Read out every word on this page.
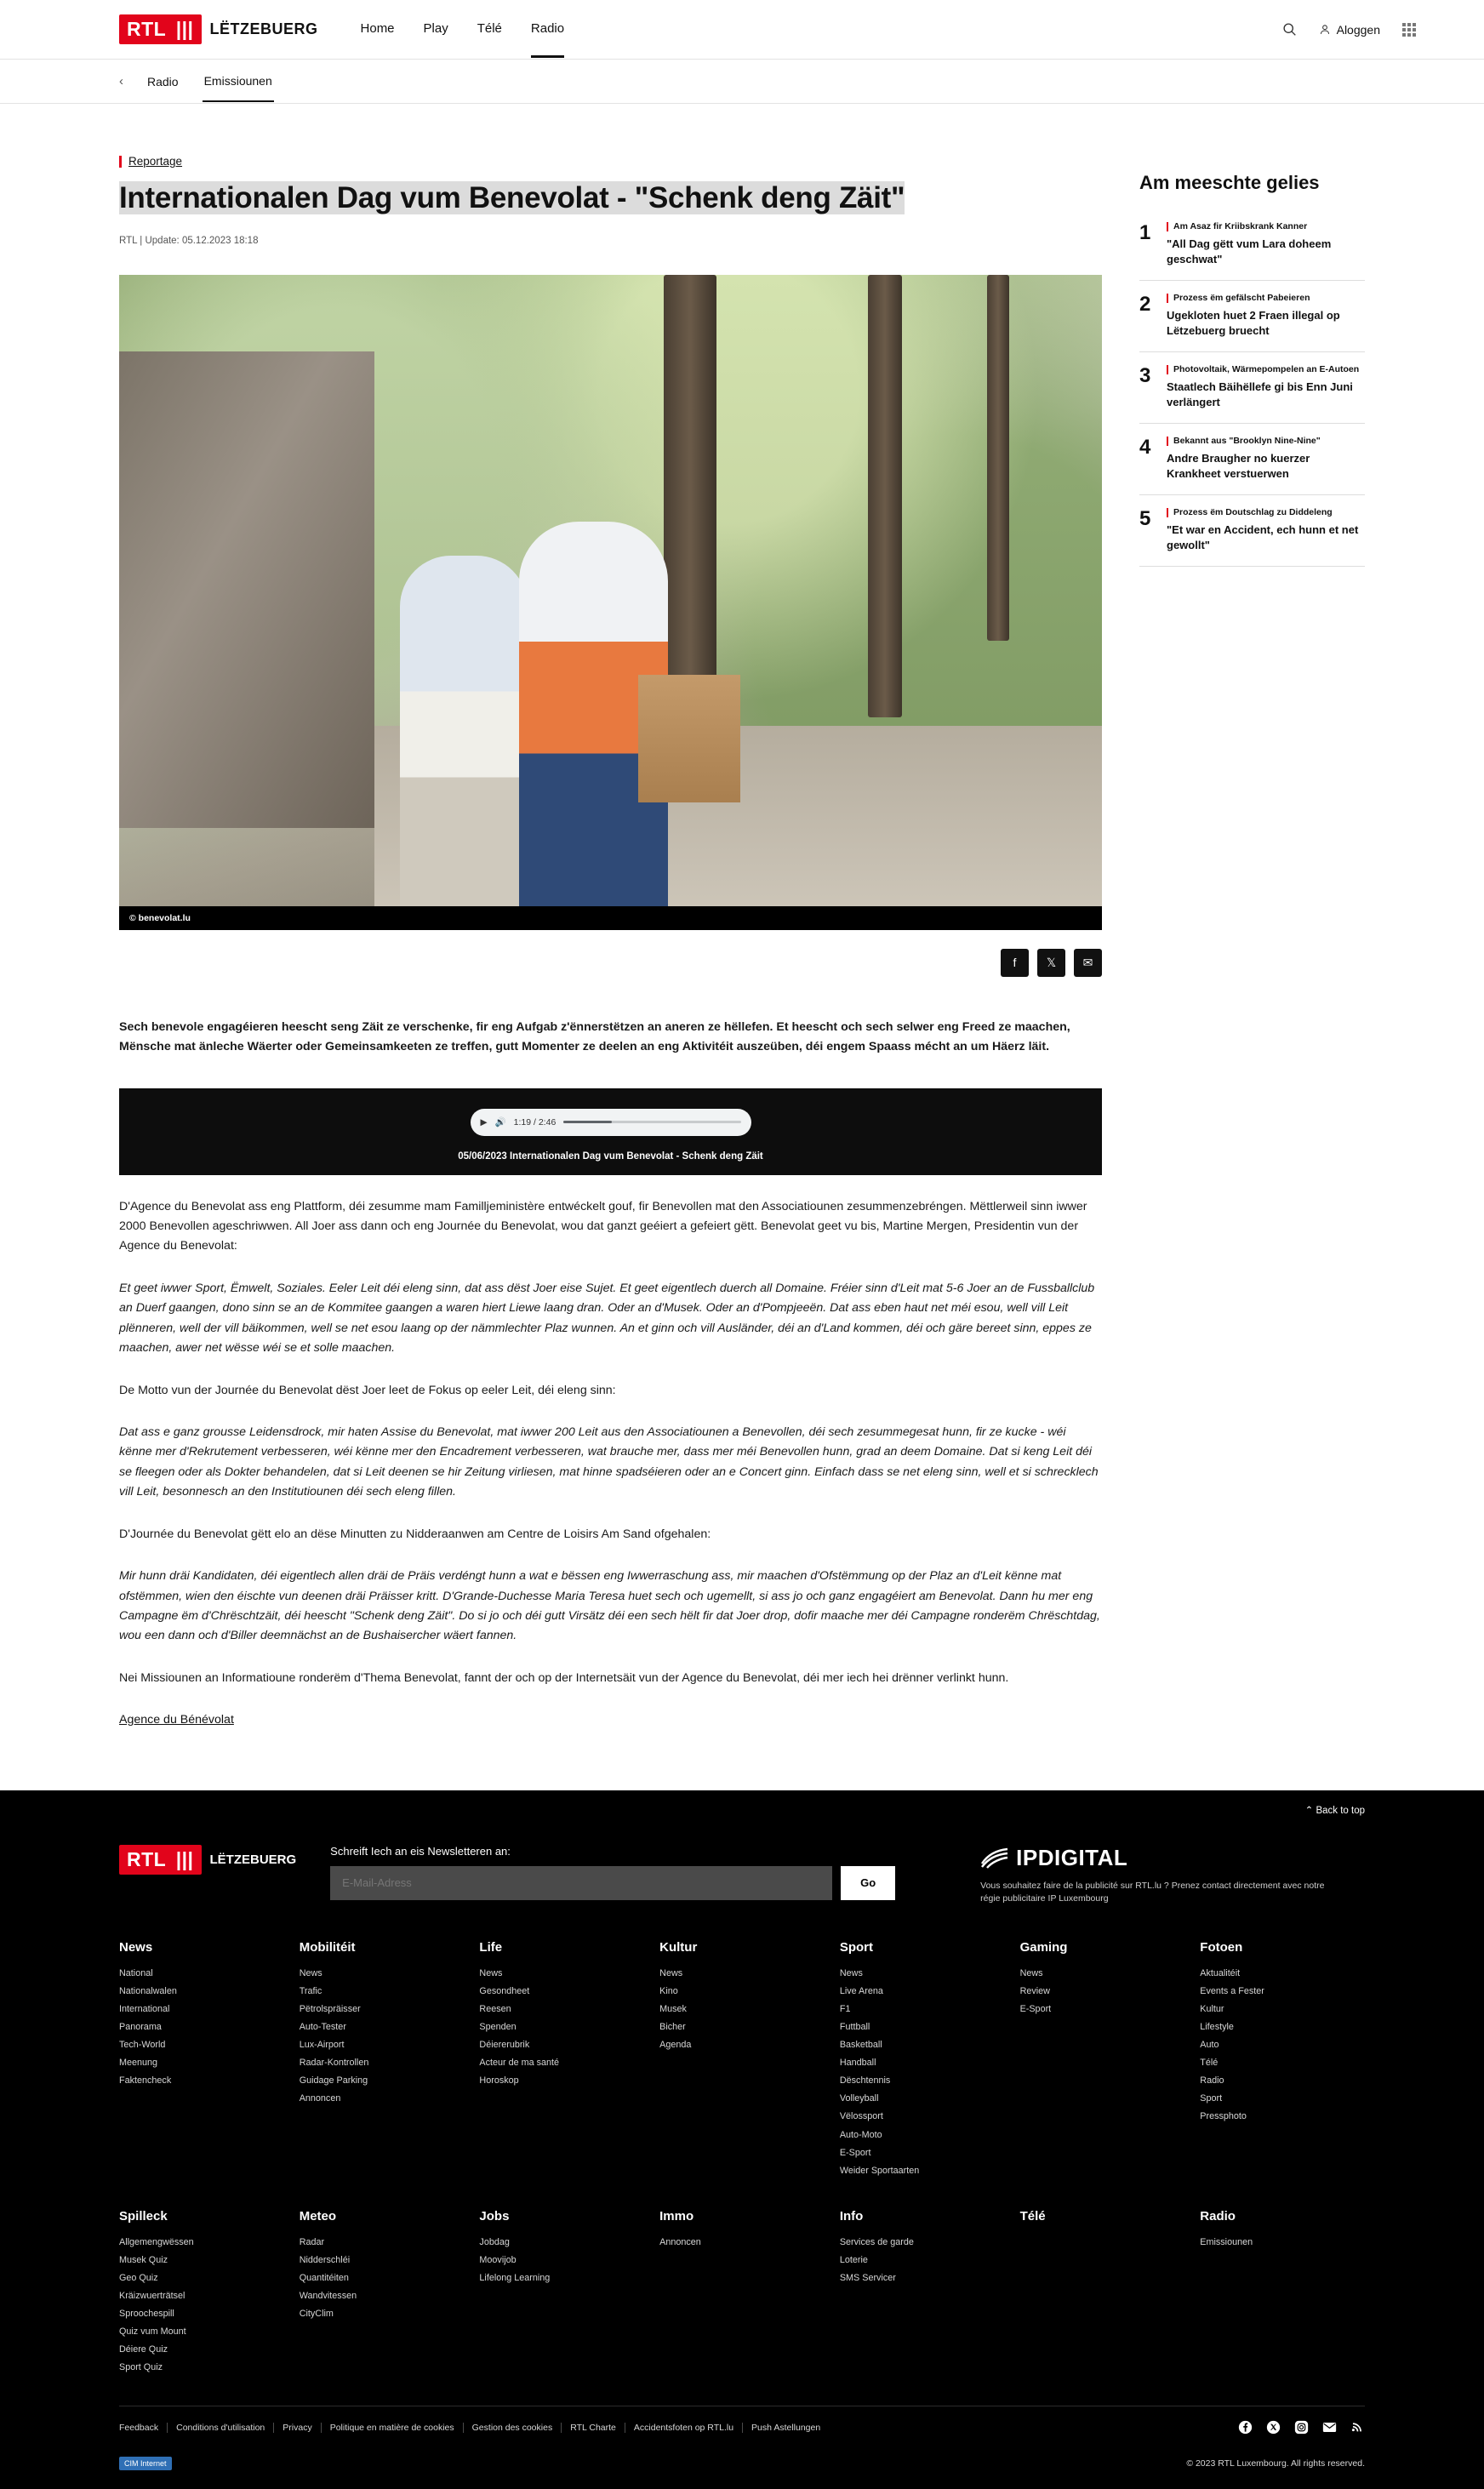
RTL |||	LËTZEBUERG	Home Play Télé Radio	Aloggen
‹ Radio Emissiounen
Reportage
Internationalen Dag vum Benevolat - "Schenk deng Zäit"
RTL | Update: 05.12.2023 18:18
© benevolat.lu
f	𝕏	✉

Sech benevole engagéieren heescht seng Zäit ze verschenke, fir eng Aufgab z'ënnerstëtzen an aneren ze hëllefen. Et heescht och sech selwer eng Freed ze maachen, Mënsche mat änleche Wäerter oder Gemeinsamkeeten ze treffen, gutt Momenter ze deelen an eng Aktivitéit auszeüben, déi engem Spaass mécht an um Häerz läit.

▶ 🔊 1:19 / 2:46
05/06/2023 Internationalen Dag vum Benevolat - Schenk deng Zäit

D'Agence du Benevolat ass eng Plattform, déi zesumme mam Familljeministère entwéckelt gouf, fir Benevollen mat den Associatiounen zesummenzebréngen. Mëttlerweil sinn iwwer 2000 Benevollen ageschriwwen. All Joer ass dann och eng Journée du Benevolat, wou dat ganzt geéiert a gefeiert gëtt. Benevolat geet vu bis, Martine Mergen, Presidentin vun der Agence du Benevolat:

Et geet iwwer Sport, Ëmwelt, Soziales. Eeler Leit déi eleng sinn, dat ass dëst Joer eise Sujet. Et geet eigentlech duerch all Domaine. Fréier sinn d'Leit mat 5-6 Joer an de Fussballclub an Duerf gaangen, dono sinn se an de Kommitee gaangen a waren hiert Liewe laang dran. Oder an d'Musek. Oder an d'Pompjeeën. Dat ass eben haut net méi esou, well vill Leit plënneren, well der vill bäikommen, well se net esou laang op der nämmlechter Plaz wunnen. An et ginn och vill Ausländer, déi an d'Land kommen, déi och gäre bereet sinn, eppes ze maachen, awer net wësse wéi se et solle maachen.

De Motto vun der Journée du Benevolat dëst Joer leet de Fokus op eeler Leit, déi eleng sinn:

Dat ass e ganz grousse Leidensdrock, mir haten Assise du Benevolat, mat iwwer 200 Leit aus den Associatiounen a Benevollen, déi sech zesummegesat hunn, fir ze kucke - wéi kënne mer d'Rekrutement verbesseren, wéi kënne mer den Encadrement verbesseren, wat brauche mer, dass mer méi Benevollen hunn, grad an deem Domaine. Dat si keng Leit déi se fleegen oder als Dokter behandelen, dat si Leit deenen se hir Zeitung virliesen, mat hinne spadséieren oder an e Concert ginn. Einfach dass se net eleng sinn, well et si schrecklech vill Leit, besonnesch an den Institutiounen déi sech eleng fillen.

D'Journée du Benevolat gëtt elo an dëse Minutten zu Nidderaanwen am Centre de Loisirs Am Sand ofgehalen:

Mir hunn dräi Kandidaten, déi eigentlech allen dräi de Präis verdéngt hunn a wat e bëssen eng Iwwerraschung ass, mir maachen d'Ofstëmmung op der Plaz an d'Leit kënne mat ofstëmmen, wien den éischte vun deenen dräi Präisser kritt. D'Grande-Duchesse Maria Teresa huet sech och ugemellt, si ass jo och ganz engagéiert am Benevolat. Dann hu mer eng Campagne ëm d'Chrëschtzäit, déi heescht "Schenk deng Zäit". Do si jo och déi gutt Virsätz déi een sech hëlt fir dat Joer drop, dofir maache mer déi Campagne ronderëm Chrëschtdag, wou een dann och d'Biller deemnächst an de Bushaisercher wäert fannen.

Nei Missiounen an Informatioune ronderëm d'Thema Benevolat, fannt der och op der Internetsäit vun der Agence du Benevolat, déi mer iech hei drënner verlinkt hunn.

Agence du Bénévolat

Am meeschte gelies
1	Am Asaz fir Kriibskrank Kanner
"All Dag gëtt vum Lara doheem geschwat"
2	Prozess ëm gefälscht Pabeieren
Ugekloten huet 2 Fraen illegal op Lëtzebuerg bruecht
3	Photovoltaik, Wärmepompelen an E-Autoen
Staatlech Bäihëllefe gi bis Enn Juni verlängert
4	Bekannt aus "Brooklyn Nine-Nine"
Andre Braugher no kuerzer Krankheet verstuerwen
5	Prozess ëm Doutschlag zu Diddeleng
"Et war en Accident, ech hunn et net gewollt"
⌃ Back to top
RTL |||	LËTZEBUERG
Schreift Iech an eis Newsletteren an:
E-Mail-Adress
Go
IPDIGITAL
Vous souhaitez faire de la publicité sur RTL.lu ? Prenez contact directement avec notre régie publicitaire IP Luxembourg
News
National
Nationalwalen
International
Panorama
Tech-World
Meenung
Faktencheck
Mobilitéit
News
Trafic
Pëtrolspräisser
Auto-Tester
Lux-Airport
Radar-Kontrollen
Guidage Parking
Annoncen
Life
News
Gesondheet
Reesen
Spenden
Déiererubrik
Acteur de ma santé
Horoskop
Kultur
News
Kino
Musek
Bicher
Agenda
Sport
News
Live Arena
F1
Futtball
Basketball
Handball
Dëschtennis
Volleyball
Vëlossport
Auto-Moto
E-Sport
Weider Sportaarten
Gaming
News
Review
E-Sport
Fotoen
Aktualitéit
Events a Fester
Kultur
Lifestyle
Auto
Télé
Radio
Sport
Pressphoto
Spilleck
Allgemengwëssen
Musek Quiz
Geo Quiz
Kräizwuerträtsel
Sproochespill
Quiz vum Mount
Déiere Quiz
Sport Quiz
Meteo
Radar
Nidderschléi
Quantitéiten
Wandvitessen
CityClim
Jobs
Jobdag
Moovijob
Lifelong Learning
Immo
Annoncen
Info
Services de garde
Loterie
SMS Servicer
Télé	Radio
Emissiounen
Feedback	Conditions d'utilisation	Privacy	Politique en matière de cookies	Gestion des cookies	RTL Charte	Accidentsfoten op RTL.lu	Push Astellungen
CIM Internet	© 2023 RTL Luxembourg. All rights reserved.
